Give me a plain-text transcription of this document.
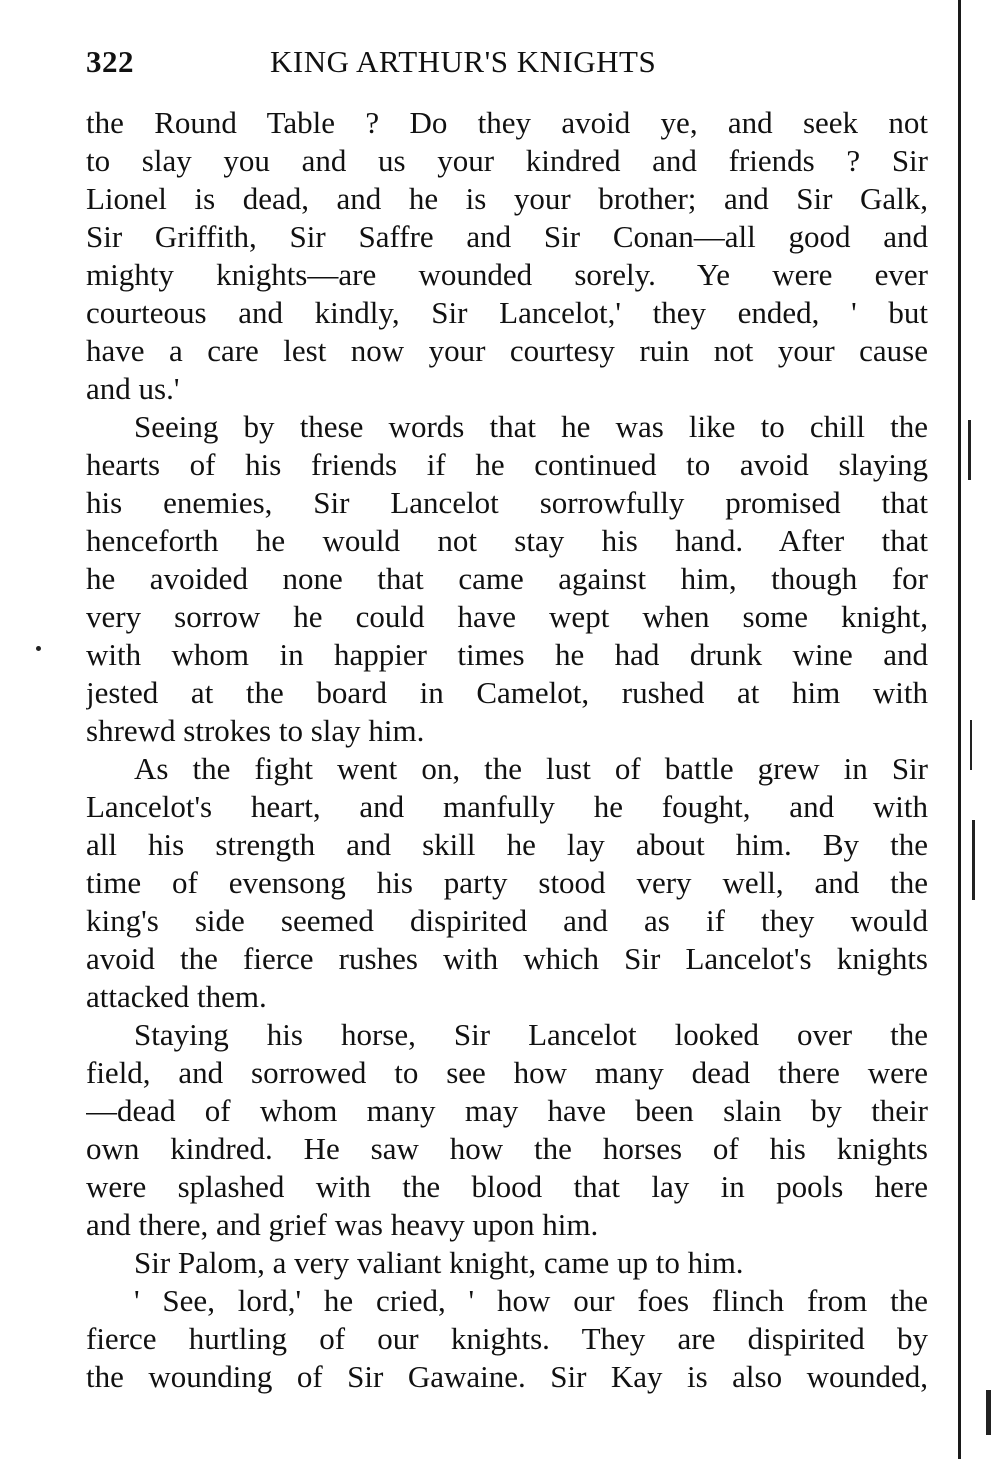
322	KING ARTHUR'S KNIGHTS
the Round Table ? Do they avoid ye, and seek not
to slay you and us your kindred and friends ? Sir
Lionel is dead, and he is your brother; and Sir Galk,
Sir Griffith, Sir Saffre and Sir Conan—all good and
mighty knights—are wounded sorely. Ye were ever
courteous and kindly, Sir Lancelot,' they ended, ' but
have a care lest now your courtesy ruin not your cause
and us.'
Seeing by these words that he was like to chill the
hearts of his friends if he continued to avoid slaying
his enemies, Sir Lancelot sorrowfully promised that
henceforth he would not stay his hand. After that
he avoided none that came against him, though for
very sorrow he could have wept when some knight,
with whom in happier times he had drunk wine and
jested at the board in Camelot, rushed at him with
shrewd strokes to slay him.
As the fight went on, the lust of battle grew in Sir
Lancelot's heart, and manfully he fought, and with
all his strength and skill he lay about him. By the
time of evensong his party stood very well, and the
king's side seemed dispirited and as if they would
avoid the fierce rushes with which Sir Lancelot's knights
attacked them.
Staying his horse, Sir Lancelot looked over the
field, and sorrowed to see how many dead there were
—dead of whom many may have been slain by their
own kindred. He saw how the horses of his knights
were splashed with the blood that lay in pools here
and there, and grief was heavy upon him.
Sir Palom, a very valiant knight, came up to him.
' See, lord,' he cried, ' how our foes flinch from the
fierce hurtling of our knights. They are dispirited by
the wounding of Sir Gawaine. Sir Kay is also wounded,
